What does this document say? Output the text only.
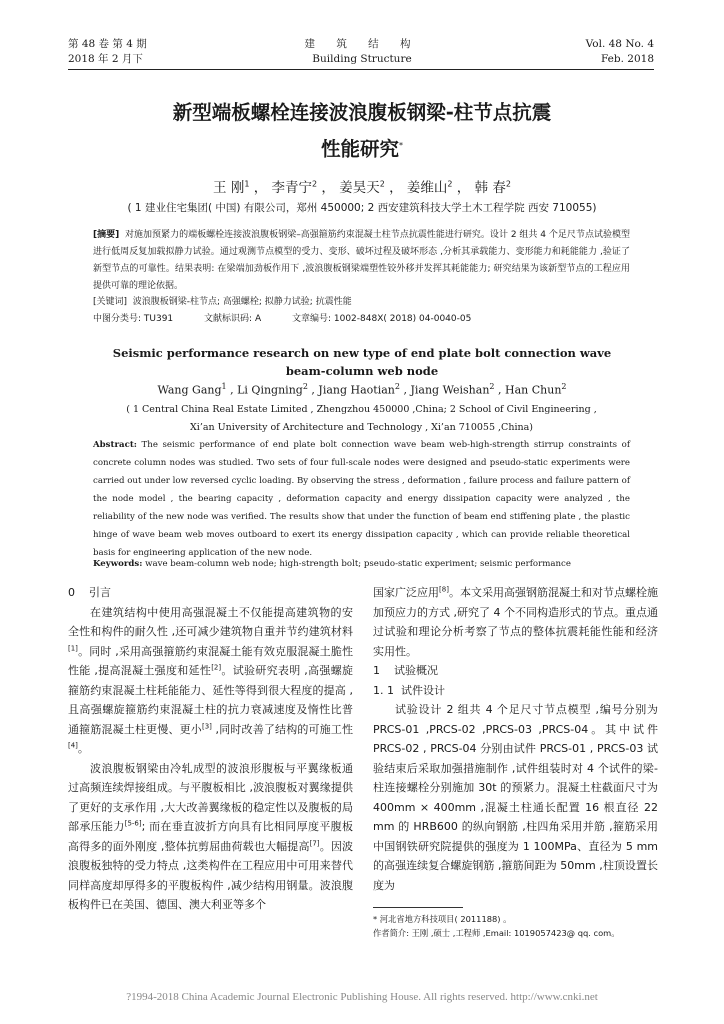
第 48 卷 第 4 期
2018 年 2 月下
建 筑 结 构
Building Structure
Vol. 48 No. 4
Feb. 2018
新型端板螺栓连接波浪腹板钢梁-柱节点抗震
性能研究*
王 刚$^1$ ， 李青宁$^2$ ， 姜昊天$^2$ ， 姜维山$^2$ ， 韩 春$^2$
( 1 建业住宅集团( 中国) 有限公司，郑州 450000; 2 西安建筑科技大学土木工程学院 西安 710055)
[摘要] 对施加预紧力的端板螺栓连接波浪腹板钢梁–高强箍筋约束混凝土柱节点抗震性能进行研究。设计 2 组共 4 个足尺节点试验模型 进行低周反复加载拟静力试验。通过观测节点模型的受力、变形、破坏过程及破坏形态 ,分析其承载能力、变形能力和耗能能力 ,验证了新型节点的可靠性。结果表明: 在梁端加劲板作用下 ,波浪腹板钢梁端塑性铰外移并发挥其耗能能力; 研究结果为该新型节点的工程应用提供可靠的理论依据。
[关键词] 波浪腹板钢梁-柱节点; 高强螺栓; 拟静力试验; 抗震性能
中图分类号: TU391	文献标识码: A	文章编号: 1002-848X( 2018) 04-0040-05
Seismic performance research on new type of end plate bolt connection wave
beam-column web node
Wang Gang$^1$ , Li Qingning$^2$ , Jiang Haotian$^2$ , Jiang Weishan$^2$ , Han Chun$^2$
( 1 Central China Real Estate Limited , Zhengzhou 450000 ,China; 2 School of Civil Engineering ,
Xi’an University of Architecture and Technology , Xi’an 710055 ,China)
Abstract: The seismic performance of end plate bolt connection wave beam web-high-strength stirrup constraints of concrete column nodes was studied. Two sets of four full-scale nodes were designed and pseudo-static experiments were carried out under low reversed cyclic loading. By observing the stress , deformation , failure process and failure pattern of the node model , the bearing capacity , deformation capacity and energy dissipation capacity were analyzed , the reliability of the new node was verified. The results show that under the function of beam end stiffening plate , the plastic hinge of wave beam web moves outboard to exert its energy dissipation capacity , which can provide reliable theoretical basis for engineering application of the new node.
Keywords: wave beam-column web node; high-strength bolt; pseudo-static experiment; seismic performance

0 引言

在建筑结构中使用高强混凝土不仅能提高建筑物的安全性和构件的耐久性 ,还可减少建筑物自重并节约建筑材料[1]。同时 ,采用高强箍筋约束混凝土能有效克服混凝土脆性性能 ,提高混凝土强度和延性[2]。试验研究表明 ,高强螺旋箍筋约束混凝土柱耗能能力、延性等得到很大程度的提高 ,且高强螺旋箍筋约束混凝土柱的抗力衰减速度及惰性比普通箍筋混凝土柱更慢、更小[3] ,同时改善了结构的可施工性[4]。

波浪腹板钢梁由冷轧成型的波浪形腹板与平翼缘板通过高频连续焊接组成。与平腹板相比 ,波浪腹板对翼缘提供了更好的支承作用 ,大大改善翼缘板的稳定性以及腹板的局部承压能力[5-6]; 而在垂直波折方向具有比相同厚度平腹板高得多的面外刚度 ,整体抗剪屈曲荷载也大幅提高[7]。因波浪腹板独特的受力特点 ,这类构件在工程应用中可用来替代同样高度却厚得多的平腹板构件 ,减少结构用钢量。波浪腹板构件已在美国、德国、澳大利亚等多个

国家广泛应用[8]。本文采用高强钢筋混凝土和对节点螺栓施加预应力的方式 ,研究了 4 个不同构造形式的节点。重点通过试验和理论分析考察了节点的整体抗震耗能性能和经济实用性。

1 试验概况

1. 1 试件设计

试验设计 2 组共 4 个足尺寸节点模型 ,编号分别为 PRCS-01 ,PRCS-02 ,PRCS-03 ,PRCS-04。其中试件 PRCS-02 , PRCS-04 分别由试件 PRCS-01 , PRCS-03 试验结束后采取加强措施制作 ,试件组装时对 4 个试件的梁-柱连接螺栓分别施加 30t 的预紧力。混凝土柱截面尺寸为 400mm × 400mm ,混凝土柱通长配置 16 根直径 22 mm 的 HRB600 的纵向钢筋 ,柱四角采用并筋 ,箍筋采用中国钢铁研究院提供的强度为 1 100MPa、直径为 5 mm 的高强连续复合螺旋钢筋 ,箍筋间距为 50mm ,柱顶设置长度为

* 河北省地方科技项目( 2011188) 。
作者简介: 王刚 ,硕士 ,工程师 ,Email: 1019057423@ qq. com。
?1994-2018 China Academic Journal Electronic Publishing House. All rights reserved. http://www.cnki.net
